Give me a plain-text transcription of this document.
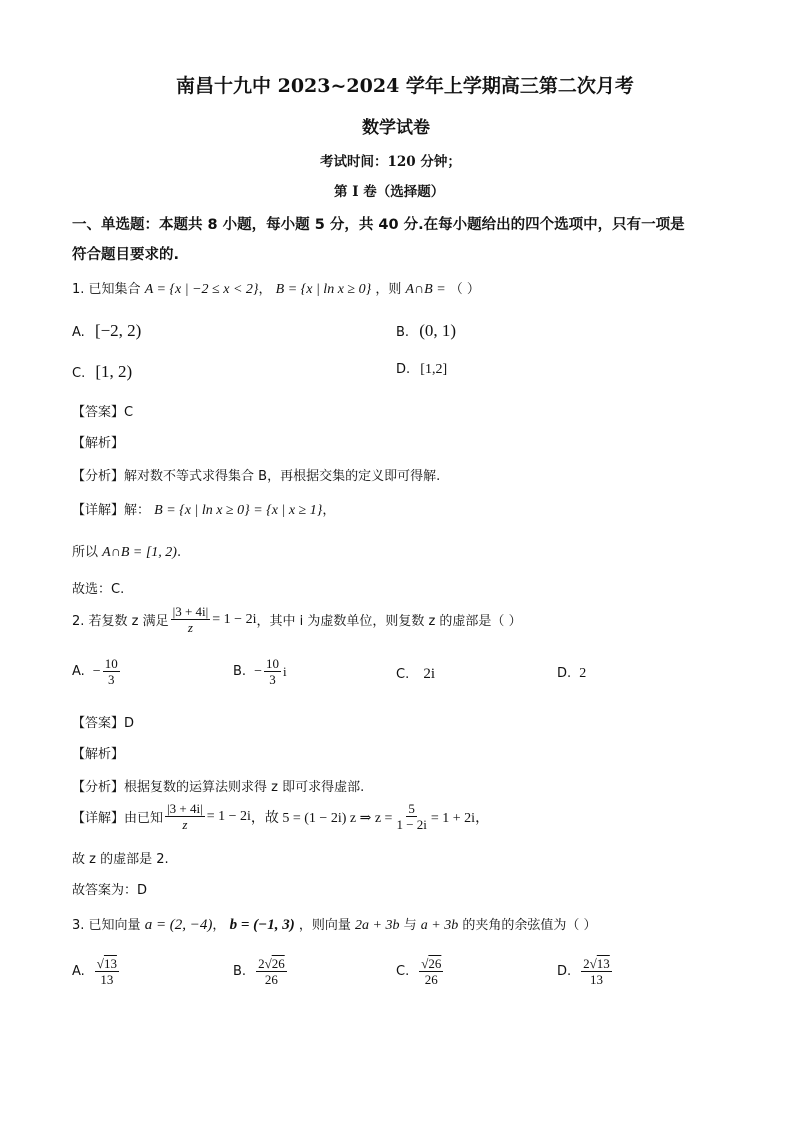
南昌十九中 2023~2024 学年上学期高三第二次月考
数学试卷
考试时间：120 分钟；
第 I 卷（选择题）
一、单选题：本题共 8 小题，每小题 5 分，共 40 分.在每小题给出的四个选项中，只有一项是
符合题目要求的.
1. 已知集合 A = {x | −2 ≤ x < 2}， B = {x | ln x ≥ 0} ，则 A∩B = （ ）
A. [−2, 2)	B. (0, 1)
C. [1, 2)	D. [1,2]
【答案】C
【解析】
【分析】解对数不等式求得集合 B，再根据交集的定义即可得解.
【详解】解： B = {x | ln x ≥ 0} = {x | x ≥ 1}，
所以 A∩B = [1, 2).
故选：C.
2. 若复数 z 满足 $\frac{|3 + 4i|}{z} = 1 - 2i$ ，其中 i 为虚数单位，则复数 z 的虚部是（ ）
A. − $\frac{10}{3}$	B. − $\frac{10}{3}$ i	C. 2i	D. 2
【答案】D
【解析】
【分析】根据复数的运算法则求得 z 即可求得虚部.
【详解】 由已知 $\frac{|3 + 4i|}{z} = 1 - 2i$ ，故 5 = (1 − 2i) z ⇒ $z = \frac{5}{1 - 2i} = 1 + 2i$，
故 z 的虚部是 2.
故答案为：D
3. 已知向量 a = (2, −4)， b = (−1, 3) ，则向量 2a + 3b 与 a + 3b 的夹角的余弦值为（ ）
A. $\frac{√13}{13}$	B. $\frac{2√26}{26}$	C. $\frac{√26}{26}$	D. $\frac{2√13}{13}$
